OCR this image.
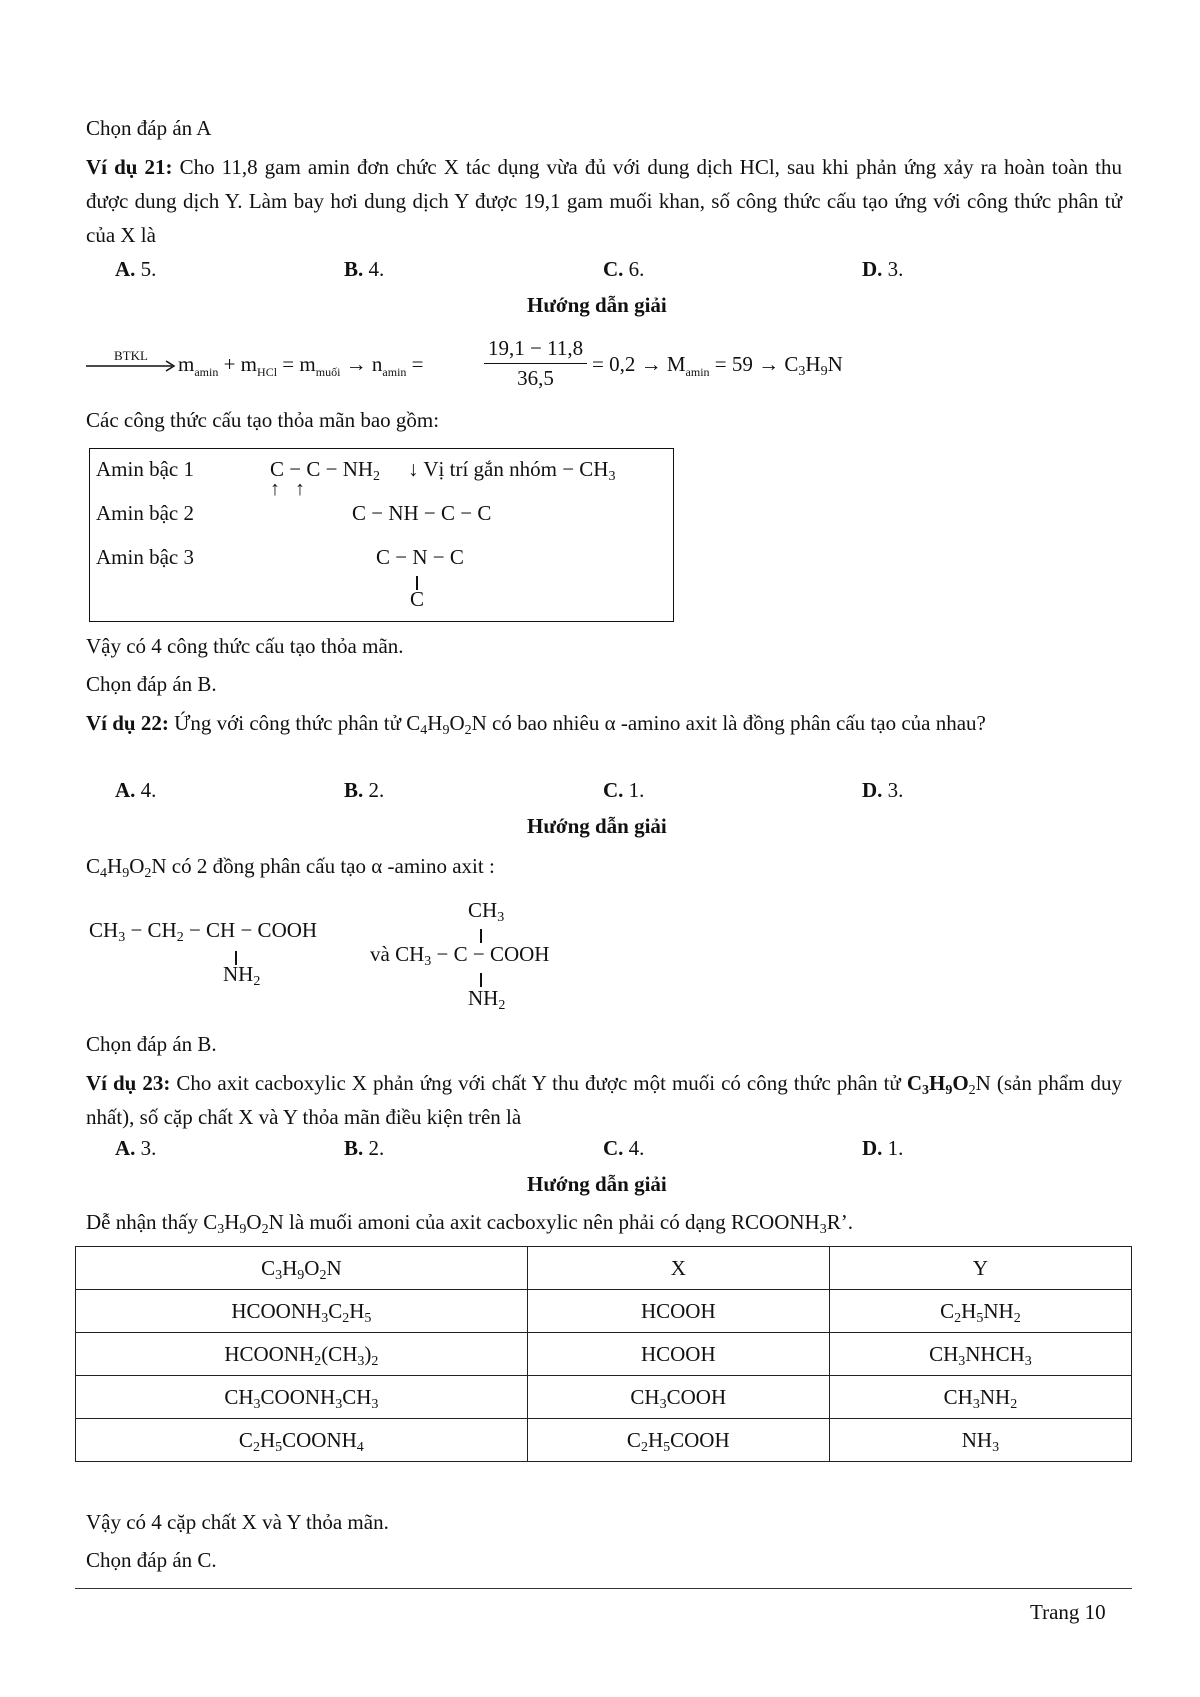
Chọn đáp án A
Ví dụ 21: Cho 11,8 gam amin đơn chức X tác dụng vừa đủ với dung dịch HCl, sau khi phản ứng xảy ra hoàn toàn thu được dung dịch Y. Làm bay hơi dung dịch Y được 19,1 gam muối khan, số công thức cấu tạo ứng với công thức phân tử của X là
A. 5.	B. 4.	C. 6.	D. 3.
Hướng dẫn giải
BTKL	$m_{amin} + m_{HCl} = m_{muối} \to n_{amin}$ =	$\frac{19,1 - 11,8}{36,5} = 0,2 \to M_{amin} = 59 \to C_3H_9N$
Các công thức cấu tạo thỏa mãn bao gồm:
Amin bậc 1	$C - C - NH_2$
↑   ↑
↓ Vị trí gắn nhóm − $CH_3$
Amin bậc 2	C − NH − C − C
Amin bậc 3	C − N − C
C
Vậy có 4 công thức cấu tạo thỏa mãn.
Chọn đáp án B.
Ví dụ 22: Ứng với công thức phân tử $C_4H_9O_2N$ có bao nhiêu α -amino axit là đồng phân cấu tạo của nhau?
A. 4.	B. 2.	C. 1.	D. 3.
Hướng dẫn giải
$C_4H_9O_2N$ có 2 đồng phân cấu tạo α -amino axit :
$CH_3 - CH_2$ − CH − COOH
$NH_2$
$CH_3$
và $CH_3 - C$ − COOH
$NH_2$
Chọn đáp án B.
Ví dụ 23: Cho axit cacboxylic X phản ứng với chất Y thu được một muối có công thức phân tử $C_3H_9O_2N$ (sản phẩm duy nhất), số cặp chất X và Y thỏa mãn điều kiện trên là
A. 3.	B. 2.	C. 4.	D. 1.
Hướng dẫn giải
Dễ nhận thấy $C_3H_9O_2N$ là muối amoni của axit cacboxylic nên phải có dạng $RCOONH_3R$’.
$C_3H_9O_2N$	X	Y
$HCOONH_3C_2H_5$	HCOOH	$C_2H_5NH_2$
$HCOONH_2(CH_3)_2$	HCOOH	$CH_3NHCH_3$
$CH_3COONH_3CH_3$	$CH_3COOH$	$CH_3NH_2$
$C_2H_5COONH_4$	$C_2H_5COOH$	$NH_3$
Vậy có 4 cặp chất X và Y thỏa mãn.
Chọn đáp án C.
Trang 10
